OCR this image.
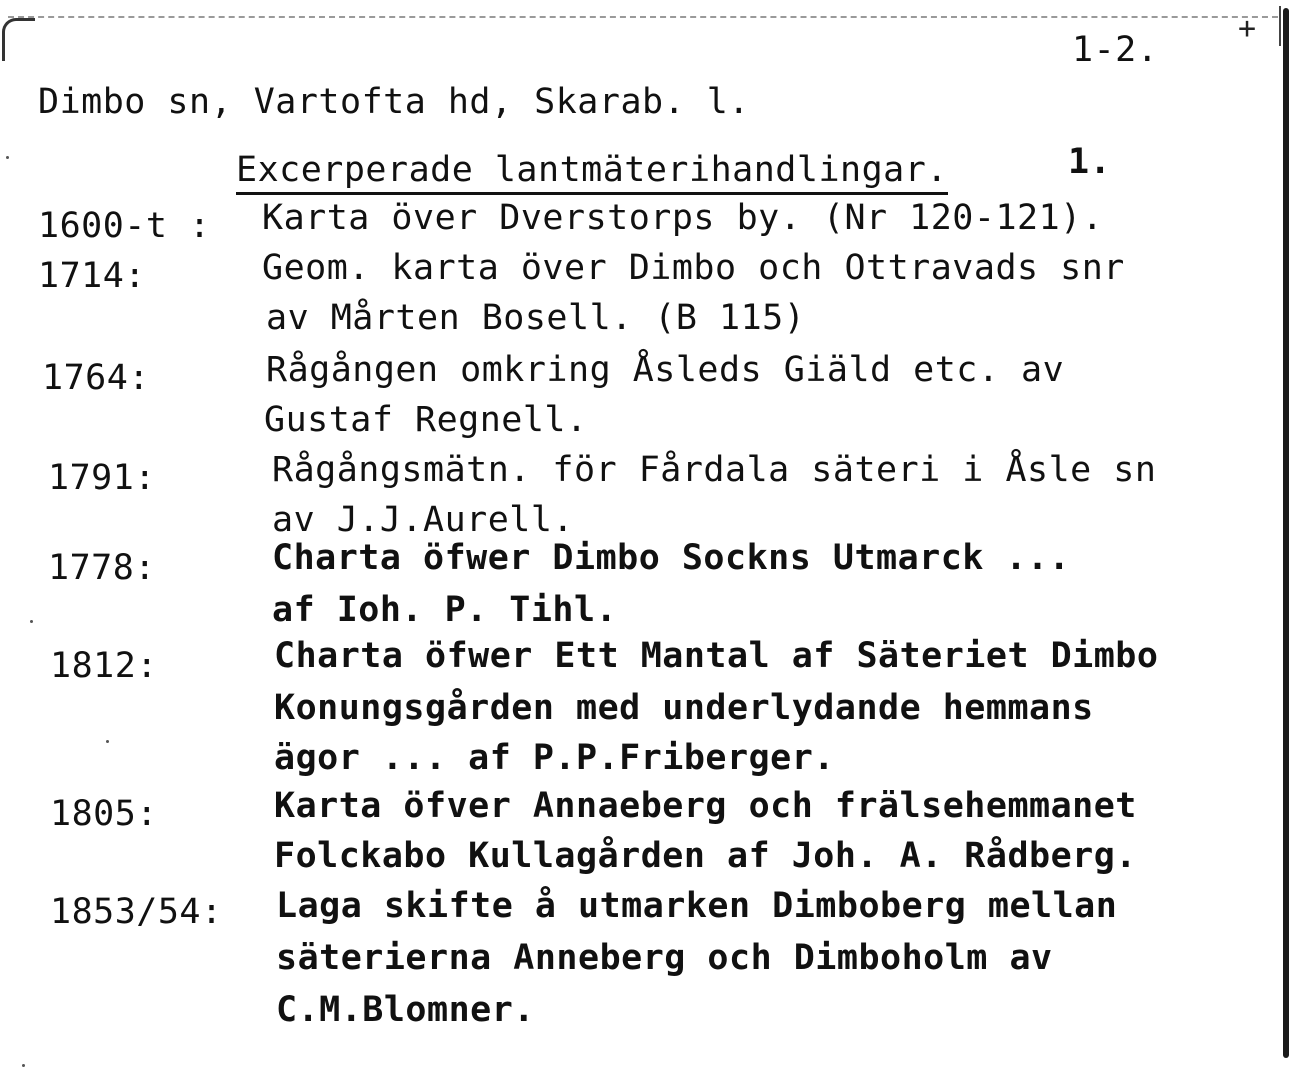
+
1-2.
Dimbo sn, Vartofta hd, Skarab. l.
Excerperade lantmäterihandlingar.	1.
1600-t : Karta över Dverstorps by. (Nr 120-121).
1714:	Geom. karta över Dimbo och Ottravads snr
av Mårten Bosell. (B 115)
1764:	Rågången omkring Åsleds Giäld etc. av
Gustaf Regnell.
1791:	Rågångsmätn. för Fårdala säteri i Åsle sn
av J.J.Aurell.
1778:	Charta öfwer Dimbo Sockns Utmarck ...
af Ioh. P. Tihl.
1812:	Charta öfwer Ett Mantal af Säteriet Dimbo
Konungsgården med underlydande hemmans
ägor ... af P.P.Friberger.
1805:	Karta öfver Annaeberg och frälsehemmanet
Folckabo Kullagården af Joh. A. Rådberg.
1853/54: Laga skifte å utmarken Dimboberg mellan
säterierna Anneberg och Dimboholm av
C.M.Blomner.
